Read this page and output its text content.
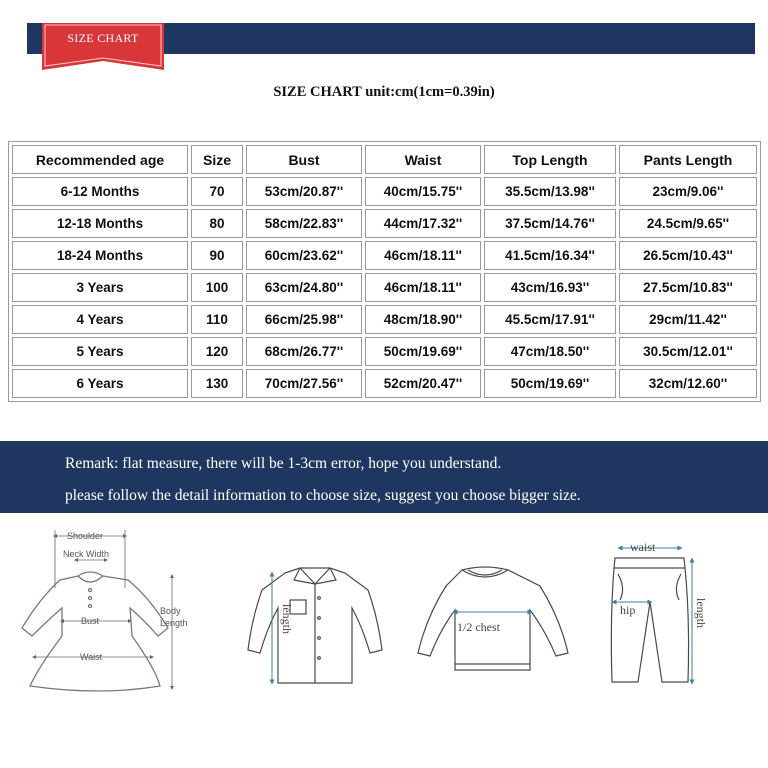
SIZE CHART
SIZE CHART unit:cm(1cm=0.39in)
Recommended age	Size	Bust	Waist	Top Length	Pants Length
6-12 Months	70	53cm/20.87''	40cm/15.75''	35.5cm/13.98''	23cm/9.06''
12-18 Months	80	58cm/22.83''	44cm/17.32''	37.5cm/14.76''	24.5cm/9.65''
18-24 Months	90	60cm/23.62''	46cm/18.11''	41.5cm/16.34''	26.5cm/10.43''
3 Years	100	63cm/24.80''	46cm/18.11''	43cm/16.93''	27.5cm/10.83''
4 Years	110	66cm/25.98''	48cm/18.90''	45.5cm/17.91''	29cm/11.42''
5 Years	120	68cm/26.77''	50cm/19.69''	47cm/18.50''	30.5cm/12.01''
6 Years	130	70cm/27.56''	52cm/20.47''	50cm/19.69''	32cm/12.60''
Remark: flat measure, there will be 1-3cm error, hope you understand.
please follow the detail information to choose size, suggest you choose bigger size.
Shoulder
Neck Width
Bust
Waist
Body
Length	length	1/2 chest
waist
hip	length
